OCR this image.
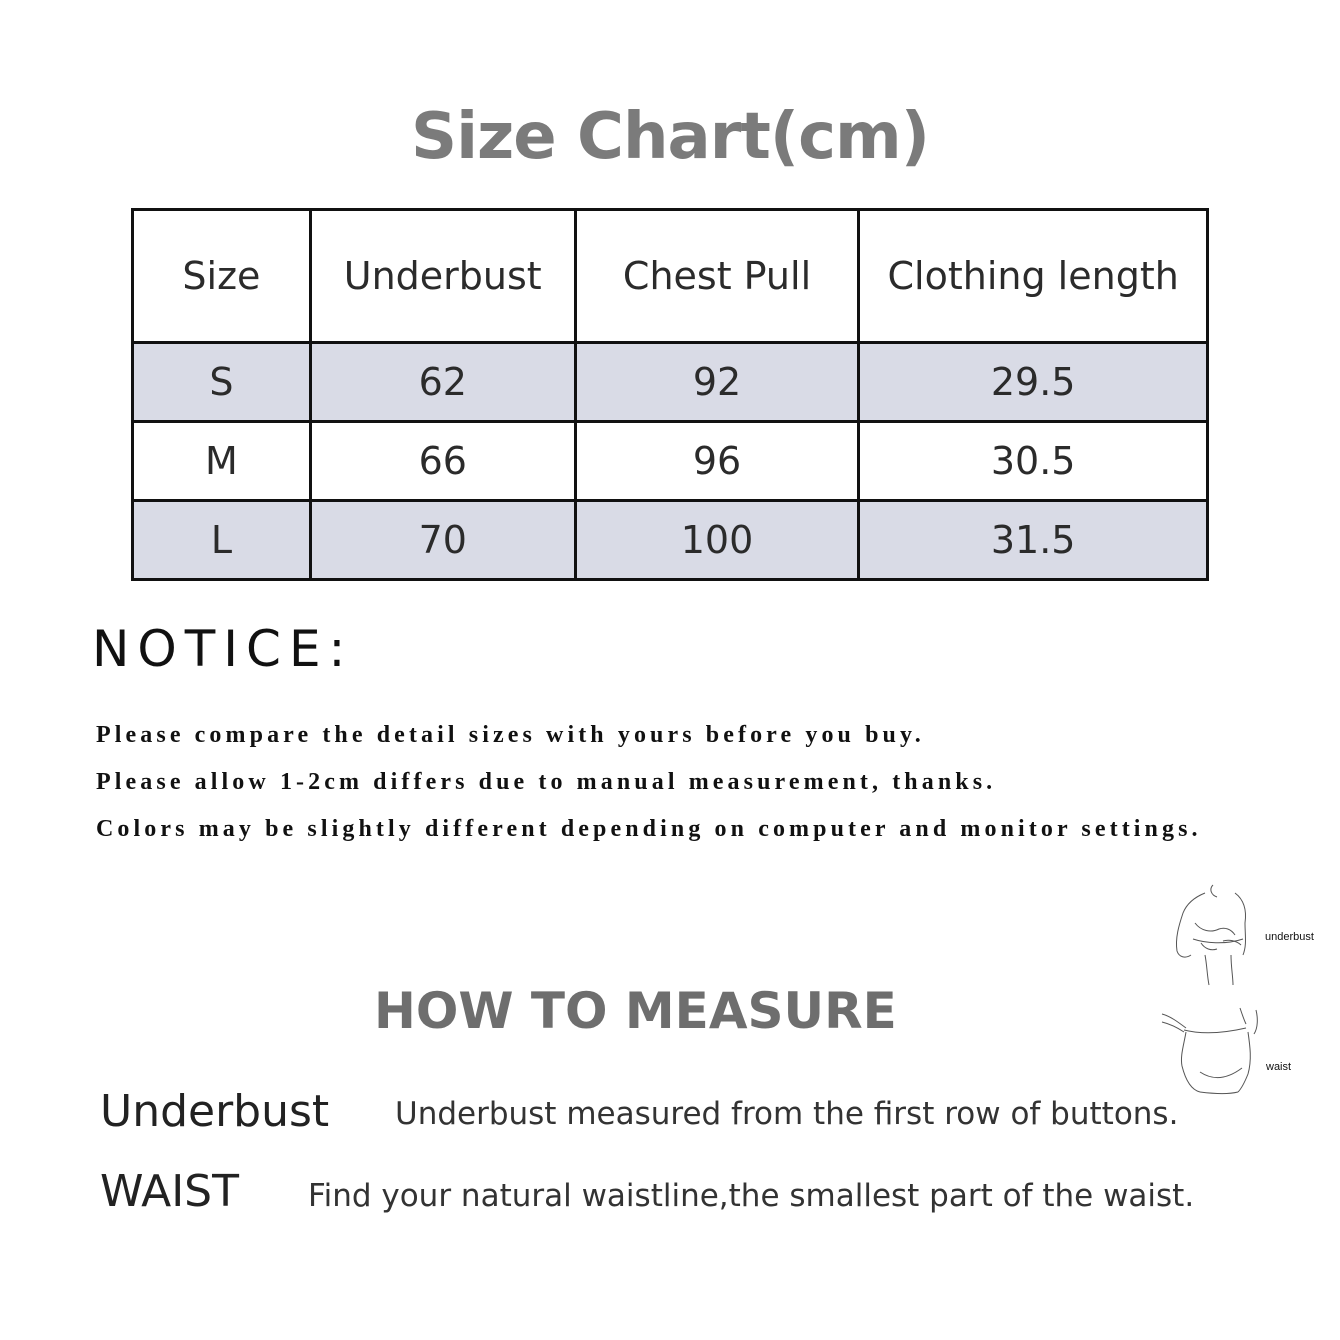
Size Chart(cm)
Size	Underbust	Chest Pull	Clothing length
S	62	92	29.5
M	66	96	30.5
L	70	100	31.5
NOTICE:
Please compare the detail sizes with yours before you buy.
Please allow 1-2cm differs due to manual measurement, thanks.
Colors may be slightly different depending on computer and monitor settings.
underbust
waist
HOW TO MEASURE
Underbust Underbust measured from the first row of buttons.
WAIST Find your natural waistline,the smallest part of the waist.
